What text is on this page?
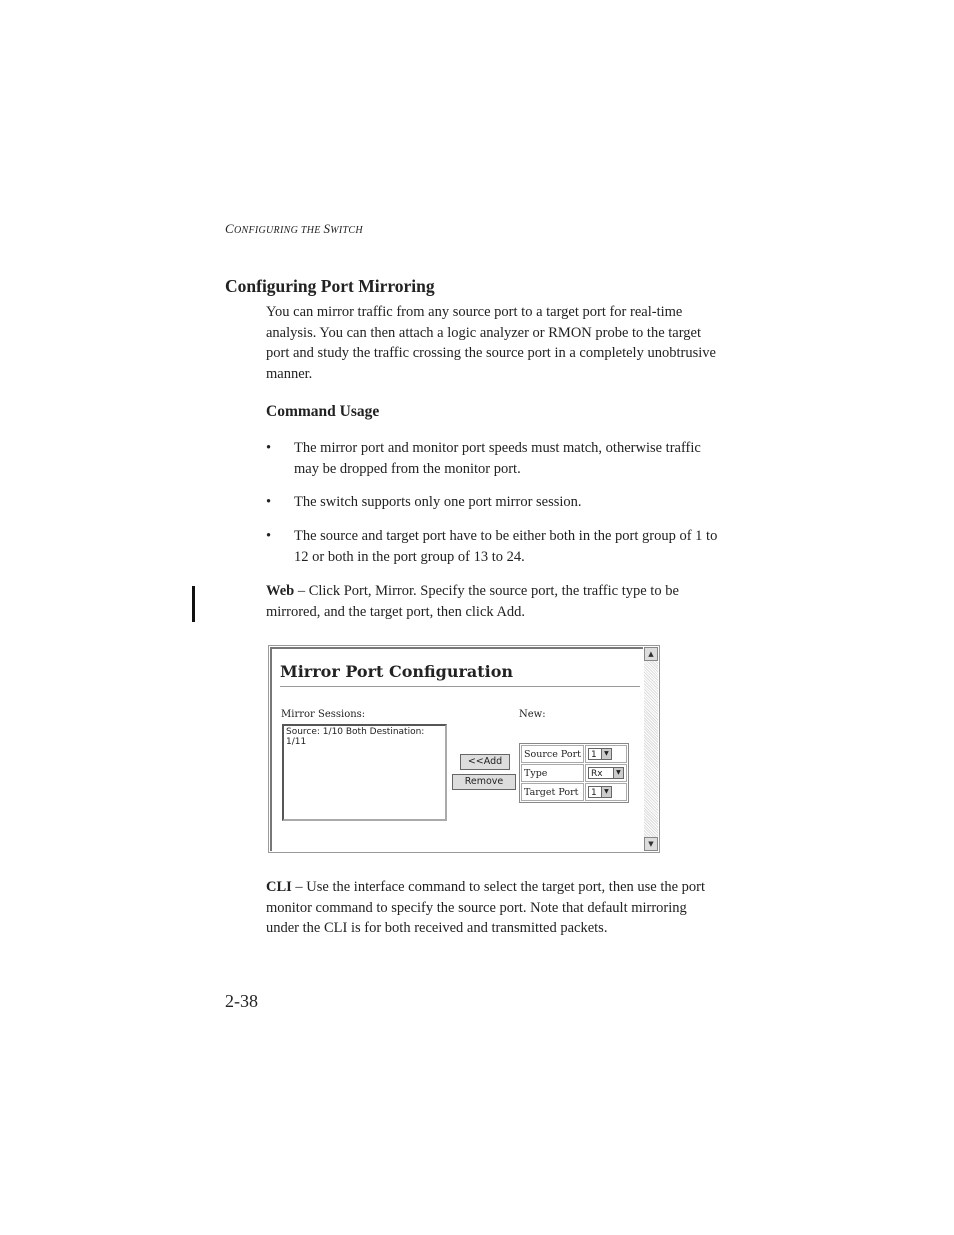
CONFIGURING THE SWITCH
Configuring Port Mirroring
You can mirror traffic from any source port to a target port for real-time analysis. You can then attach a logic analyzer or RMON probe to the target port and study the traffic crossing the source port in a completely unobtrusive manner.
Command Usage
• The mirror port and monitor port speeds must match, otherwise traffic may be dropped from the monitor port.
• The switch supports only one port mirror session.
• The source and target port have to be either both in the port group of 1 to 12 or both in the port group of 13 to 24.
Web – Click Port, Mirror. Specify the source port, the traffic type to be mirrored, and the target port, then click Add.
Mirror Port Configuration
Mirror Sessions:	New:
Source: 1/10 Both Destination: 1/11
<<Add
Remove
Source Port	1 ▼

Type	Rx ▼

Target Port	1 ▼
▲
▼
CLI – Use the interface command to select the target port, then use the port monitor command to specify the source port. Note that default mirroring under the CLI is for both received and transmitted packets.
2-38
